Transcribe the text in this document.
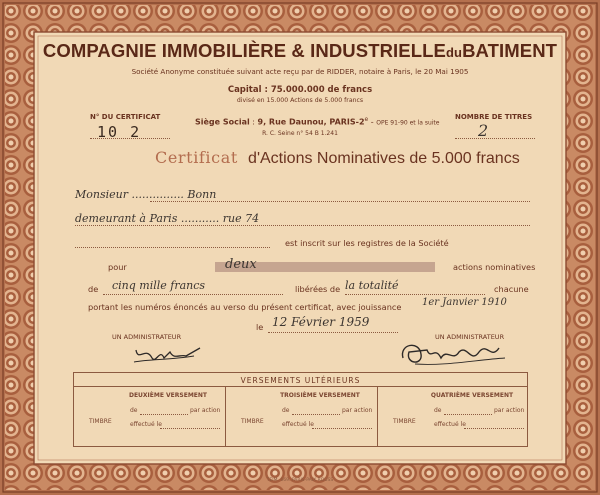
COMPAGNIE IMMOBILIÈRE & INDUSTRIELLEduBATIMENT
Société Anonyme constituée suivant acte reçu par de RIDDER, notaire à Paris, le 20 Mai 1905
Capital : 75.000.000 de francs
divisé en 15.000 Actions de 5.000 francs
N° DU CERTIFICAT
10 2
NOMBRE DE TITRES
2
Siège Social : 9, Rue Daunou, PARIS-2e - OPE 91-90 et la suite
R. C. Seine n° 54 B 1.241
Certificat d'Actions Nominatives de 5.000 francs
Monsieur ............... Bonn
demeurant à Paris ........... rue 74
est inscrit sur les registres de la Société
pour	deux	actions nominatives
de cinq mille francs	libérées de la totalité	chacune
portant les numéros énoncés au verso du présent certificat, avec jouissance 1er Janvier 1910
le 12 Février 1959
UN ADMINISTRATEUR	UN ADMINISTRATEUR
VERSEMENTS ULTÉRIEURS
TIMBRE	TIMBRE	TIMBRE
DEUXIÈME VERSEMENT	TROISIÈME VERSEMENT	QUATRIÈME VERSEMENT
de	par action
effectué le
de	par action
effectué le
de	par action
effectué le
TEIM. 669. PARIS-PAIX ROUSS
